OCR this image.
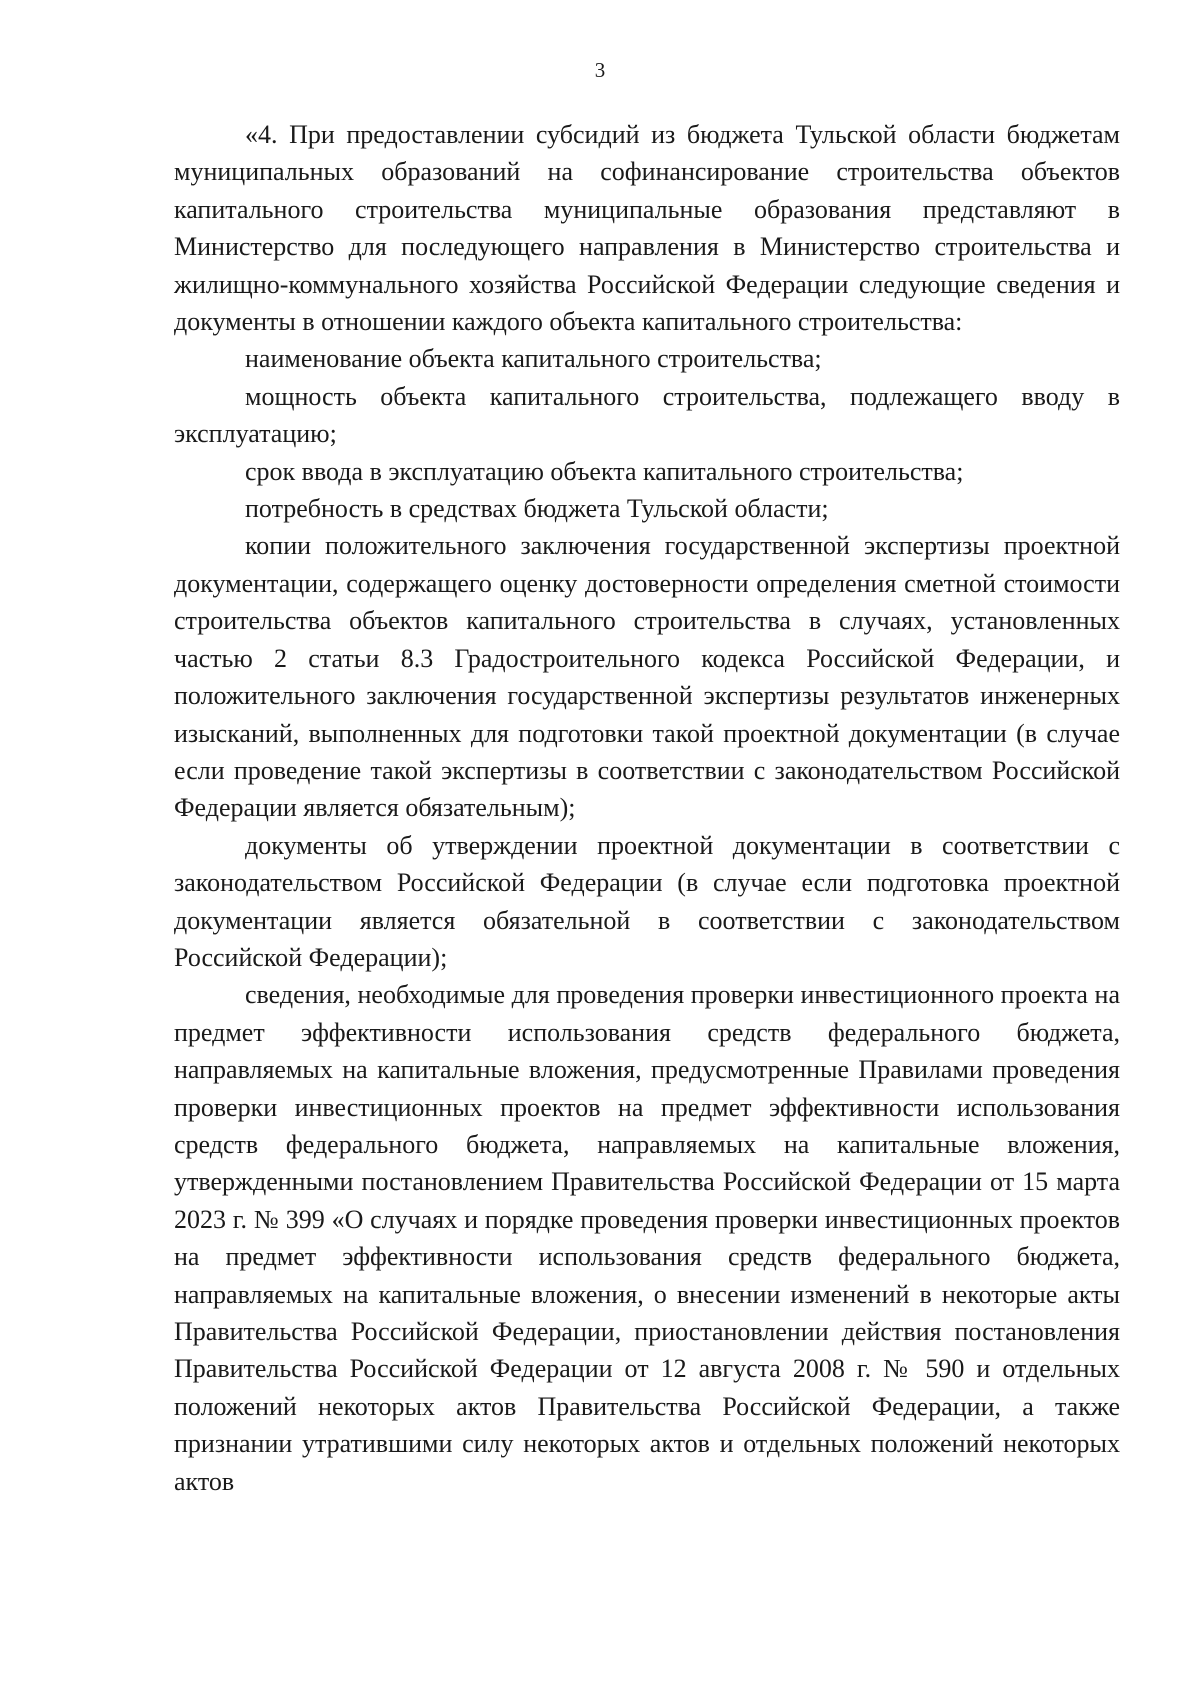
3

«4. При предоставлении субсидий из бюджета Тульской области бюджетам муниципальных образований на софинансирование строительства объектов капитального строительства муниципальные образования представляют в Министерство для последующего направления в Министерство строительства и жилищно-коммунального хозяйства Российской Федерации следующие сведения и документы в отношении каждого объекта капитального строительства:

наименование объекта капитального строительства;

мощность объекта капитального строительства, подлежащего вводу в эксплуатацию;

срок ввода в эксплуатацию объекта капитального строительства;

потребность в средствах бюджета Тульской области;

копии положительного заключения государственной экспертизы проектной документации, содержащего оценку достоверности определения сметной стоимости строительства объектов капитального строительства в случаях, установленных частью 2 статьи 8.3 Градостроительного кодекса Российской Федерации, и положительного заключения государственной экспертизы результатов инженерных изысканий, выполненных для подготовки такой проектной документации (в случае если проведение такой экспертизы в соответствии с законодательством Российской Федерации является обязательным);

документы об утверждении проектной документации в соответствии с законодательством Российской Федерации (в случае если подготовка проектной документации является обязательной в соответствии с законодательством Российской Федерации);

сведения, необходимые для проведения проверки инвестиционного проекта на предмет эффективности использования средств федерального бюджета, направляемых на капитальные вложения, предусмотренные Правилами проведения проверки инвестиционных проектов на предмет эффективности использования средств федерального бюджета, направляемых на капитальные вложения, утвержденными постановлением Правительства Российской Федерации от 15 марта 2023 г. № 399 «О случаях и порядке проведения проверки инвестиционных проектов на предмет эффективности использования средств федерального бюджета, направляемых на капитальные вложения, о внесении изменений в некоторые акты Правительства Российской Федерации, приостановлении действия постановления Правительства Российской Федерации от 12 августа 2008 г. № 590 и отдельных положений некоторых актов Правительства Российской Федерации, а также признании утратившими силу некоторых актов и отдельных положений некоторых актов
